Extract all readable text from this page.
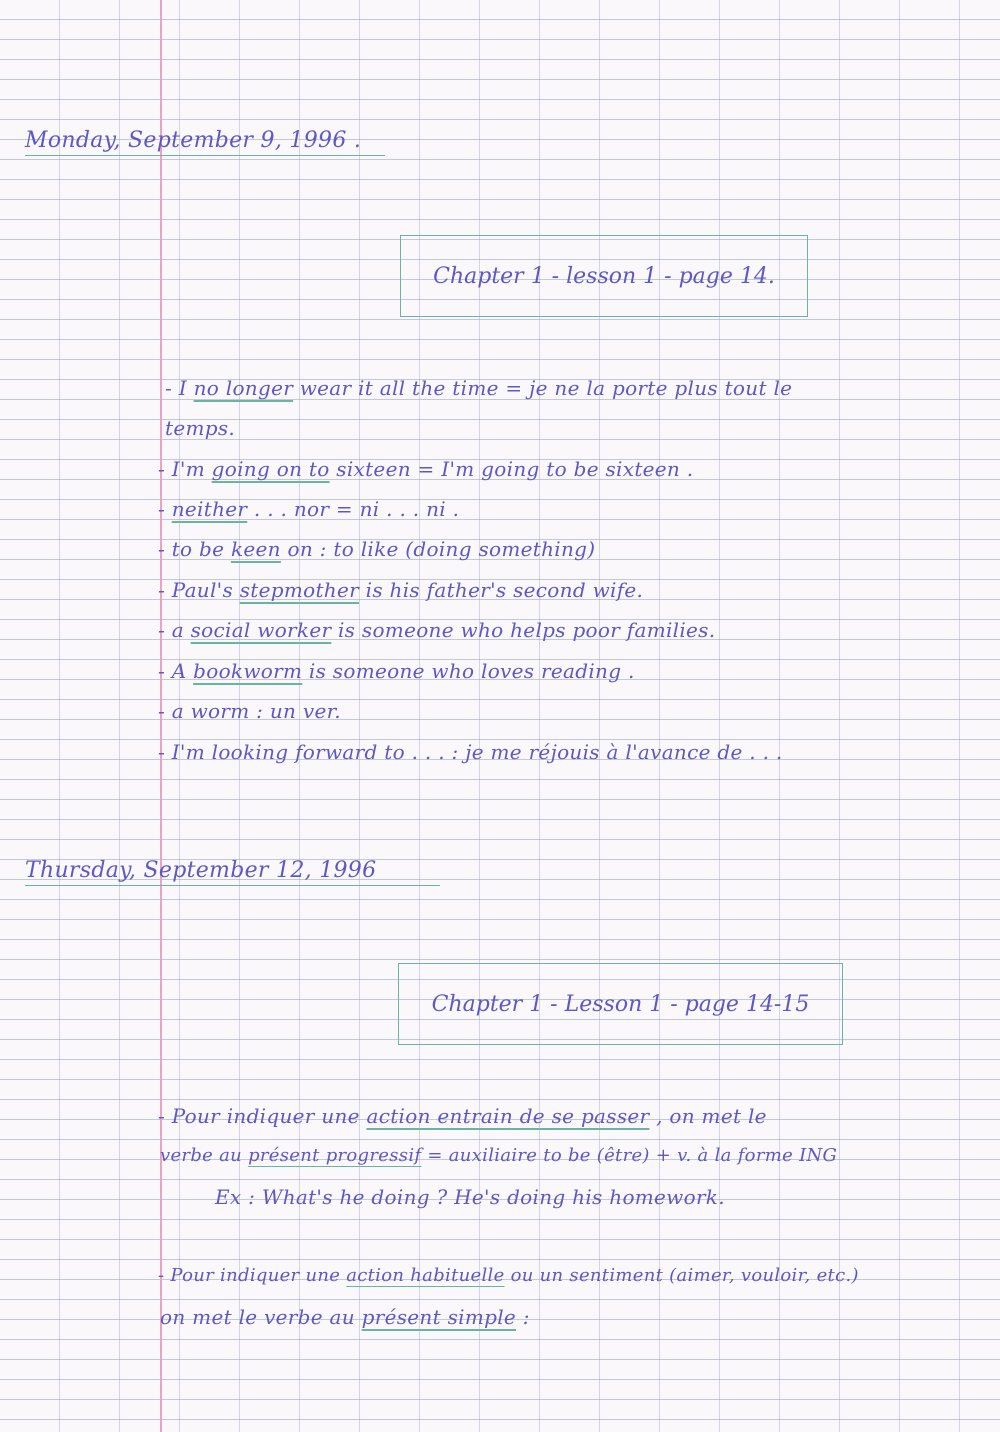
Monday, September 9, 1996 .
Chapter 1 - lesson 1 - page 14.
- I no longer wear it all the time = je ne la porte plus tout le
temps.
- I'm going on to sixteen = I'm going to be sixteen .
- neither . . . nor = ni . . . ni .
- to be keen on : to like (doing something)
- Paul's stepmother is his father's second wife.
- a social worker is someone who helps poor families.
- A bookworm is someone who loves reading .
- a worm : un ver.
- I'm looking forward to . . . : je me réjouis à l'avance de . . .
Thursday, September 12, 1996
Chapter 1 - Lesson 1 - page 14-15
- Pour indiquer une action entrain de se passer , on met le
verbe au présent progressif = auxiliaire to be (être) + v. à la forme ING
Ex : What's he doing ? He's doing his homework.
- Pour indiquer une action habituelle ou un sentiment (aimer, vouloir, etc.)
on met le verbe au présent simple :
